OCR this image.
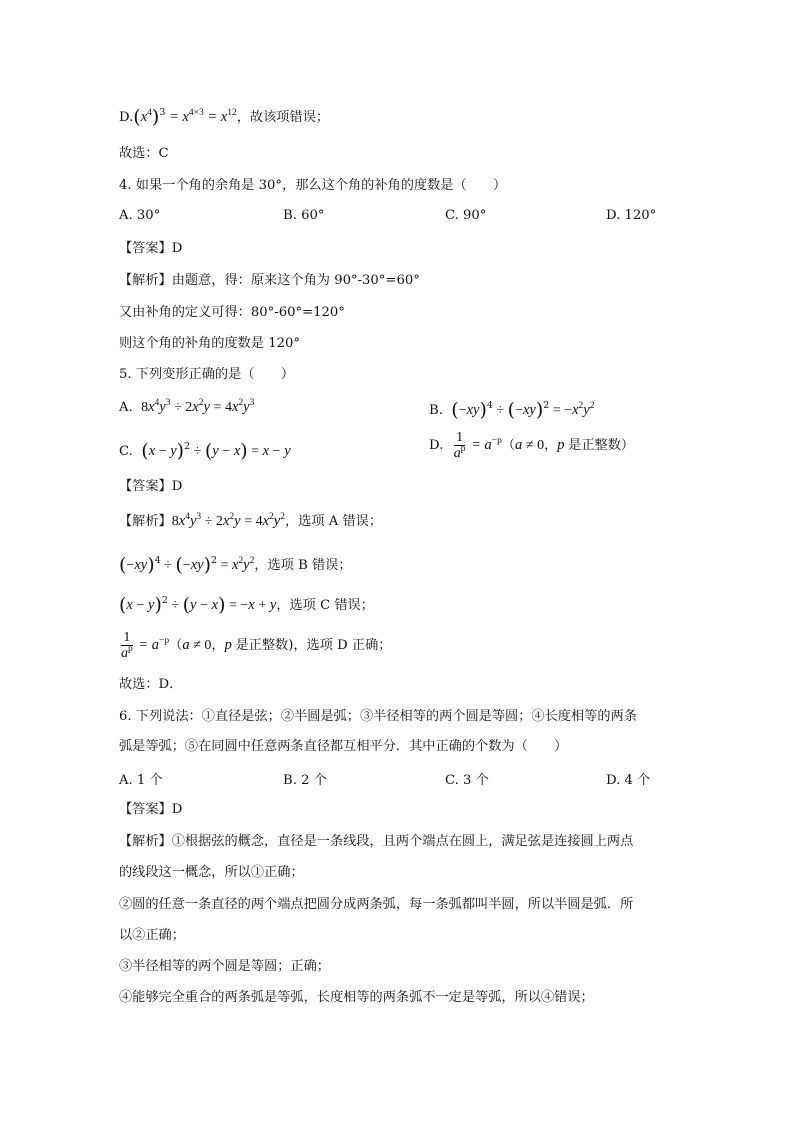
$D.(x^4)^3 = x^{4\times 3} = x^{12}$，故该项错误；
故选：C
4. 如果一个角的余角是 30°，那么这个角的补角的度数是（　　）
A. 30°	B. 60°	C. 90°	D. 120°
【答案】D
【解析】由题意，得：原来这个角为 90°-30°=60°
又由补角的定义可得：80°-60°=120°
则这个角的补角的度数是 120°
5. 下列变形正确的是（　　）
A. $8x^4y^3 \div 2x^2y = 4x^2y^3$	B. $(-xy)^4 \div (-xy)^2 = -x^2y^2$
C. $(x - y)^2 \div (y - x) = x - y$	D. $\frac{1}{a^p} = a^{-p}(a \ne 0$，p 是正整数）
【答案】D
【解析】$8x^4y^3 \div 2x^2y = 4x^2y^2$，选项 A 错误；
$(-xy)^4 \div (-xy)^2 = x^2y^2$，选项 B 错误；
$(x - y)^2 \div (y - x) = -x + y$，选项 C 错误；
$\frac{1}{a^p} = a^{-p}(a \ne 0$，p 是正整数)，选项 D 正确；
故选：D．
6. 下列说法：①直径是弦；②半圆是弧；③半径相等的两个圆是等圆；④长度相等的两条
弧是等弧；⑤在同圆中任意两条直径都互相平分．其中正确的个数为（　　）
A. 1 个	B. 2 个	C. 3 个	D. 4 个
【答案】D
【解析】①根据弦的概念，直径是一条线段，且两个端点在圆上，满足弦是连接圆上两点
的线段这一概念，所以①正确；
②圆的任意一条直径的两个端点把圆分成两条弧，每一条弧都叫半圆，所以半圆是弧．所
以②正确；
③半径相等的两个圆是等圆；正确；
④能够完全重合的两条弧是等弧，长度相等的两条弧不一定是等弧，所以④错误；
